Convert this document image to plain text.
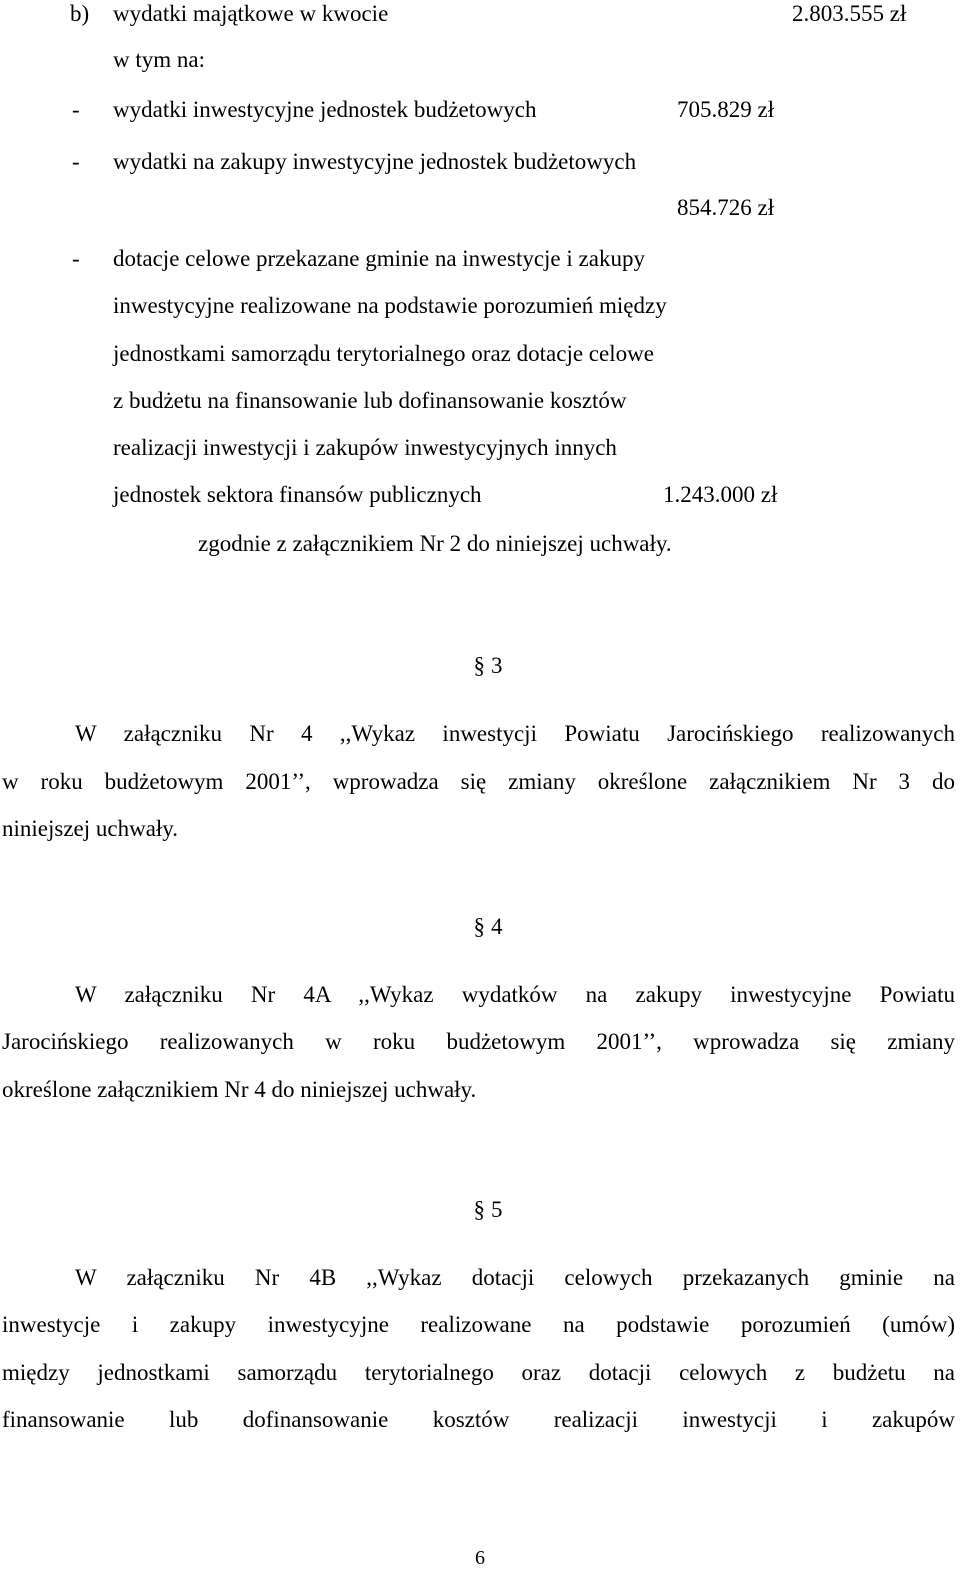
b) wydatki majątkowe w kwocie	2.803.555 zł
w tym na:
- wydatki inwestycyjne jednostek budżetowych	705.829 zł
- wydatki na zakupy inwestycyjne jednostek budżetowych
854.726 zł
- dotacje celowe przekazane gminie na inwestycje i zakupy
inwestycyjne realizowane na podstawie porozumień między
jednostkami samorządu terytorialnego oraz dotacje celowe
z budżetu na finansowanie lub dofinansowanie kosztów
realizacji inwestycji i zakupów inwestycyjnych innych
jednostek sektora finansów publicznych	1.243.000 zł
zgodnie z załącznikiem Nr 2 do niniejszej uchwały.

§ 3

W załączniku Nr 4 ,,Wykaz inwestycji Powiatu Jarocińskiego realizowanych
w roku budżetowym 2001’’, wprowadza się zmiany określone załącznikiem Nr 3 do
niniejszej uchwały.

§ 4

W załączniku Nr 4A ,,Wykaz wydatków na zakupy inwestycyjne Powiatu
Jarocińskiego realizowanych w roku budżetowym 2001’’, wprowadza się zmiany
określone załącznikiem Nr 4 do niniejszej uchwały.

§ 5

W załączniku Nr 4B ,,Wykaz dotacji celowych przekazanych gminie na
inwestycje i zakupy inwestycyjne realizowane na podstawie porozumień (umów)
między jednostkami samorządu terytorialnego oraz dotacji celowych z budżetu na
finansowanie lub dofinansowanie kosztów realizacji inwestycji i zakupów
6
